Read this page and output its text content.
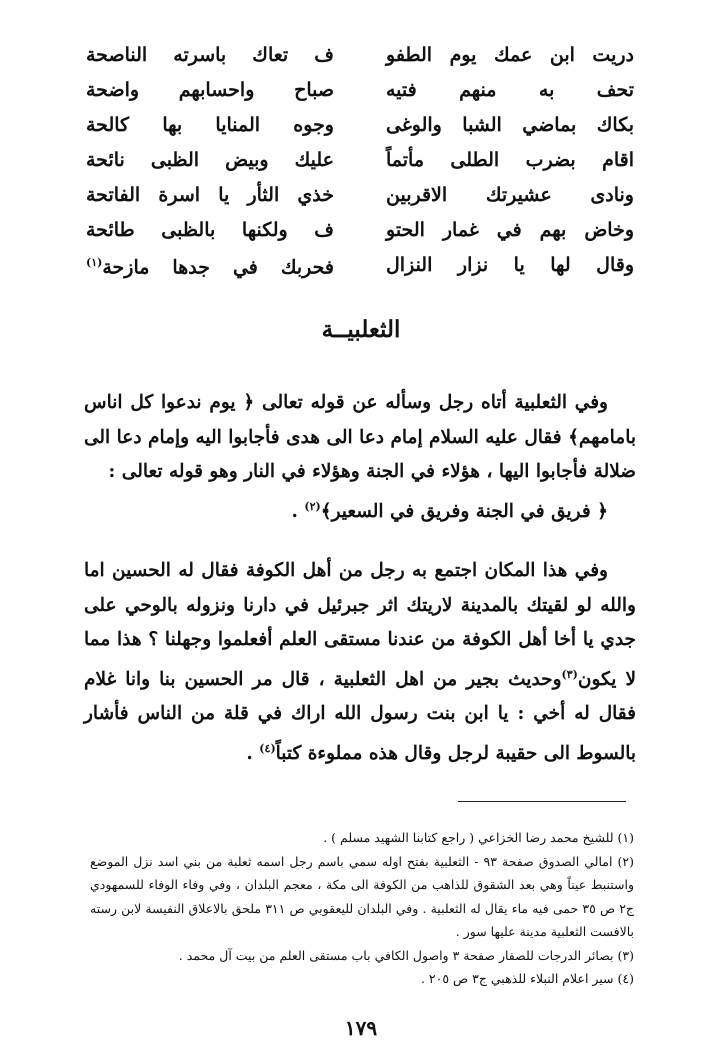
دريت ابن عمك يوم الطفو
ف تعاك باسرته الناصحة
تحف به منهم فتيه
صباح واحسابهم واضحة
بكاك بماضي الشبا والوغى
وجوه المنايا بها كالحة
اقام بضرب الطلى مأتماً
عليك وبيض الظبى نائحة
ونادى عشيرتك الاقربين
خذي الثأر يا اسرة الفاتحة
وخاض بهم في غمار الحتو
ف ولكنها بالظبى طائحة
وقال لها يا نزار النزال
فحربك في جدها مازحة$^{(١)}$
الثعلبيــة

وفي الثعلبية أتاه رجل وسأله عن قوله تعالى ﴿ يوم ندعوا كل اناس بامامهم﴾ فقال عليه السلام إمام دعا الى هدى فأجابوا اليه وإمام دعا الى ضلالة فأجابوا اليها ، هؤلاء في الجنة وهؤلاء في النار وهو قوله تعالى :

﴿ فريق في الجنة وفريق في السعير﴾$^{(٢)}$ .

وفي هذا المكان اجتمع به رجل من أهل الكوفة فقال له الحسين اما والله لو لقيتك بالمدينة لاريتك اثر جبرئيل في دارنا ونزوله بالوحي على جدي يا أخا أهل الكوفة من عندنا مستقى العلم أفعلموا وجهلنا ؟ هذا مما لا يكون$^{(٣)}$وحديث بجير من اهل الثعلبية ، قال مر الحسين بنا وانا غلام فقال له أخي : يا ابن بنت رسول الله اراك في قلة من الناس فأشار بالسوط الى حقيبة لرجل وقال هذه مملوءة كتباً$^{(٤)}$ .

(١) للشيخ محمد رضا الخزاعي ( راجع كتابنا الشهيد مسلم ) .

(٢) امالي الصدوق صفحة ٩٣ - الثعلبية بفتح اوله سمي باسم رجل اسمه ثعلبة من بني اسد نزل الموضع واستنبط عيناً وهي بعد الشقوق للذاهب من الكوفة الى مكة ، معجم البلدان ، وفي وفاء الوفاء للسمهودي ج٢ ص ٣٥ حمى فيه ماء يقال له الثعلبية . وفي البلدان لليعقوبي ص ٣١١ ملحق بالاعلاق النفيسة لابن رسته بالافست الثعلبية مدينة عليها سور .

(٣) بصائر الدرجات للصفار صفحة ٣ واصول الكافي باب مستقى العلم من بيت آل محمد .

(٤) سير اعلام النبلاء للذهبي ج٣ ص ٢٠٥ .

١٧٩
